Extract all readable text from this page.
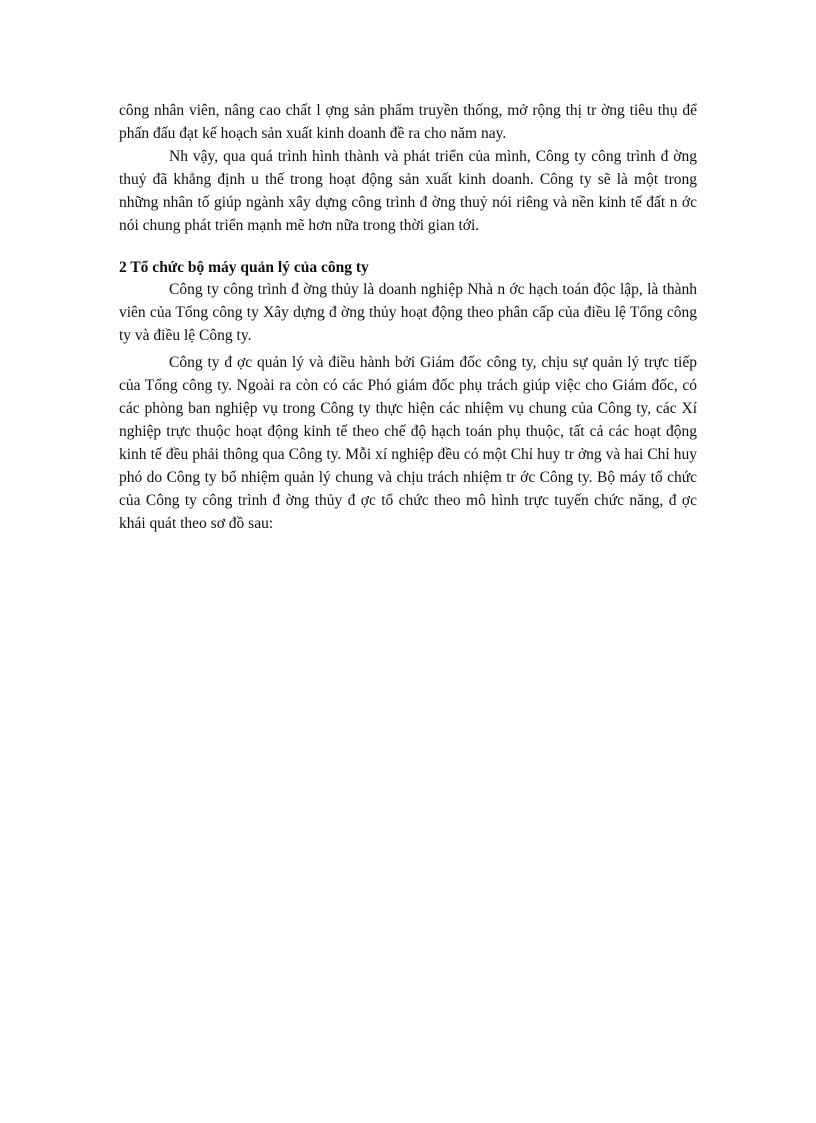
công nhân viên, nâng cao chất l ợng sản phẩm truyền thống, mở rộng thị tr ờng tiêu thụ để phấn đấu đạt kế hoạch sản xuất kinh doanh đề ra cho năm nay.

Nh vậy, qua quá trình hình thành và phát triển của mình, Công ty công trình đ ờng thuỷ đã khẳng định u thế trong hoạt động sản xuất kinh doanh. Công ty sẽ là một trong những nhân tố giúp ngành xây dựng công trình đ ờng thuỷ nói riêng và nền kinh tế đất n ớc nói chung phát triển mạnh mẽ hơn nữa trong thời gian tới.

2 Tổ chức bộ máy quản lý của công ty

Công ty công trình đ ờng thủy là doanh nghiệp Nhà n ớc hạch toán độc lập, là thành viên của Tổng công ty Xây dựng đ ờng thủy hoạt động theo phân cấp của điều lệ Tổng công ty và điều lệ Công ty.

Công ty đ ợc quản lý và điều hành bởi Giám đốc công ty, chịu sự quản lý trực tiếp của Tổng công ty. Ngoài ra còn có các Phó giám đốc phụ trách giúp việc cho Giám đốc, có các phòng ban nghiệp vụ trong Công ty thực hiện các nhiệm vụ chung của Công ty, các Xí nghiệp trực thuộc hoạt động kinh tế theo chế độ hạch toán phụ thuộc, tất cả các hoạt động kinh tế đều phải thông qua Công ty. Mỗi xí nghiệp đều có một Chỉ huy tr ởng và hai Chỉ huy phó do Công ty bổ nhiệm quản lý chung và chịu trách nhiệm tr ớc Công ty. Bộ máy tổ chức của Công ty công trình đ ờng thủy đ ợc tổ chức theo mô hình trực tuyến chức năng, đ ợc khái quát theo sơ đồ sau:
